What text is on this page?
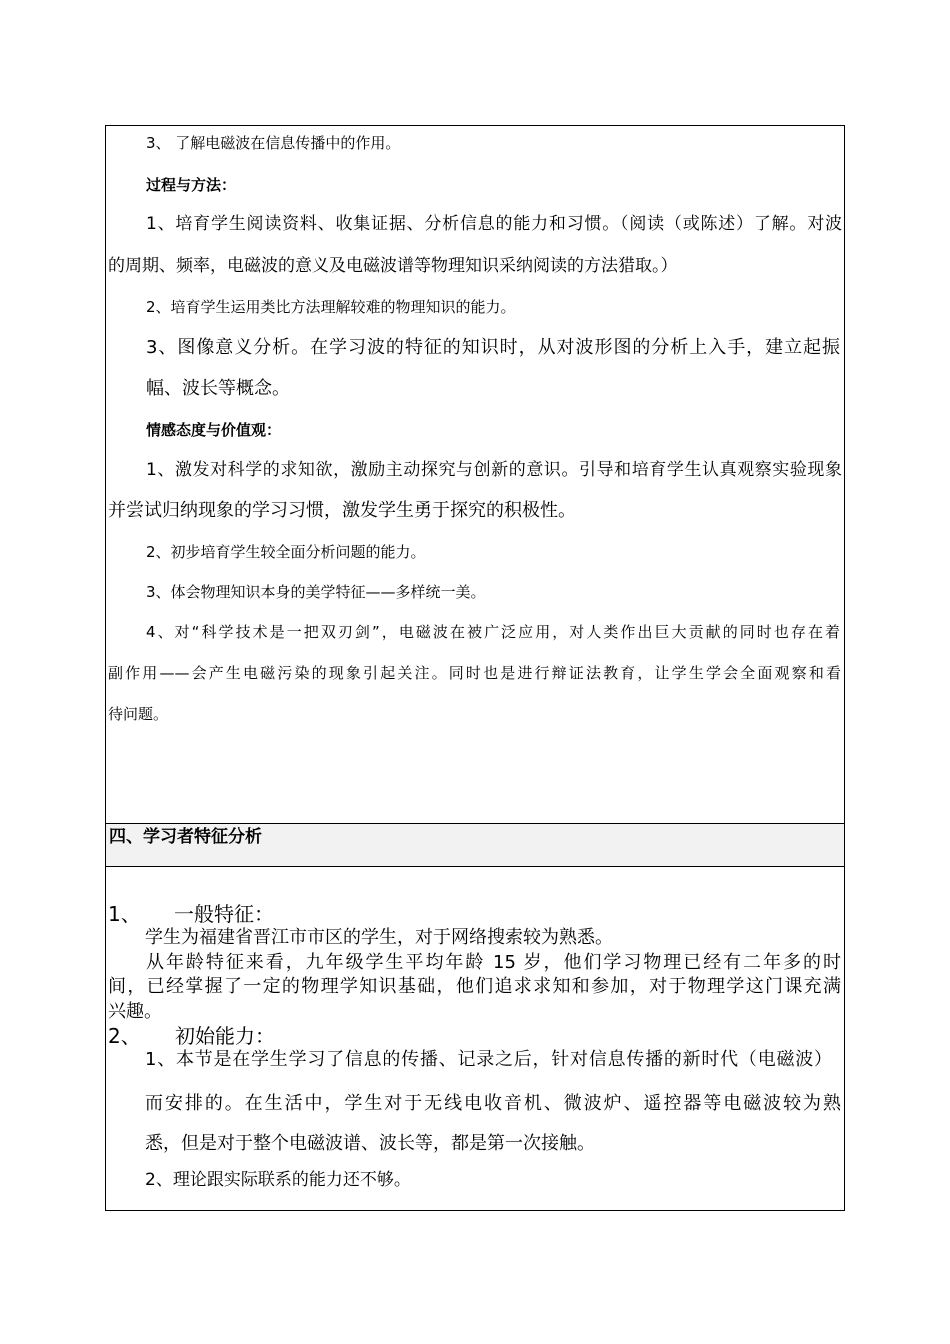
3、 了解电磁波在信息传播中的作用。
过程与方法：
1、培育学生阅读资料、收集证据、分析信息的能力和习惯。（阅读（或陈述）了解。对波
的周期、频率，电磁波的意义及电磁波谱等物理知识采纳阅读的方法猎取。）
2、培育学生运用类比方法理解较难的物理知识的能力。
3、图像意义分析。在学习波的特征的知识时，从对波形图的分析上入手，建立起振
幅、波长等概念。
情感态度与价值观：
1、激发对科学的求知欲，激励主动探究与创新的意识。引导和培育学生认真观察实验现象
并尝试归纳现象的学习习惯，激发学生勇于探究的积极性。
2、初步培育学生较全面分析问题的能力。
3、体会物理知识本身的美学特征——多样统一美。
4、对“科学技术是一把双刃剑”，电磁波在被广泛应用，对人类作出巨大贡献的同时也存在着
副作用——会产生电磁污染的现象引起关注。同时也是进行辩证法教育，让学生学会全面观察和看
待问题。
四、学习者特征分析
1、 一般特征：
学生为福建省晋江市市区的学生，对于网络搜索较为熟悉。
从年龄特征来看，九年级学生平均年龄 15 岁，他们学习物理已经有二年多的时
间，已经掌握了一定的物理学知识基础，他们追求求知和参加，对于物理学这门课充满
兴趣。
2、 初始能力：
1、本节是在学生学习了信息的传播、记录之后，针对信息传播的新时代（电磁波）
而安排的。在生活中，学生对于无线电收音机、微波炉、遥控器等电磁波较为熟
悉，但是对于整个电磁波谱、波长等，都是第一次接触。
2、理论跟实际联系的能力还不够。
